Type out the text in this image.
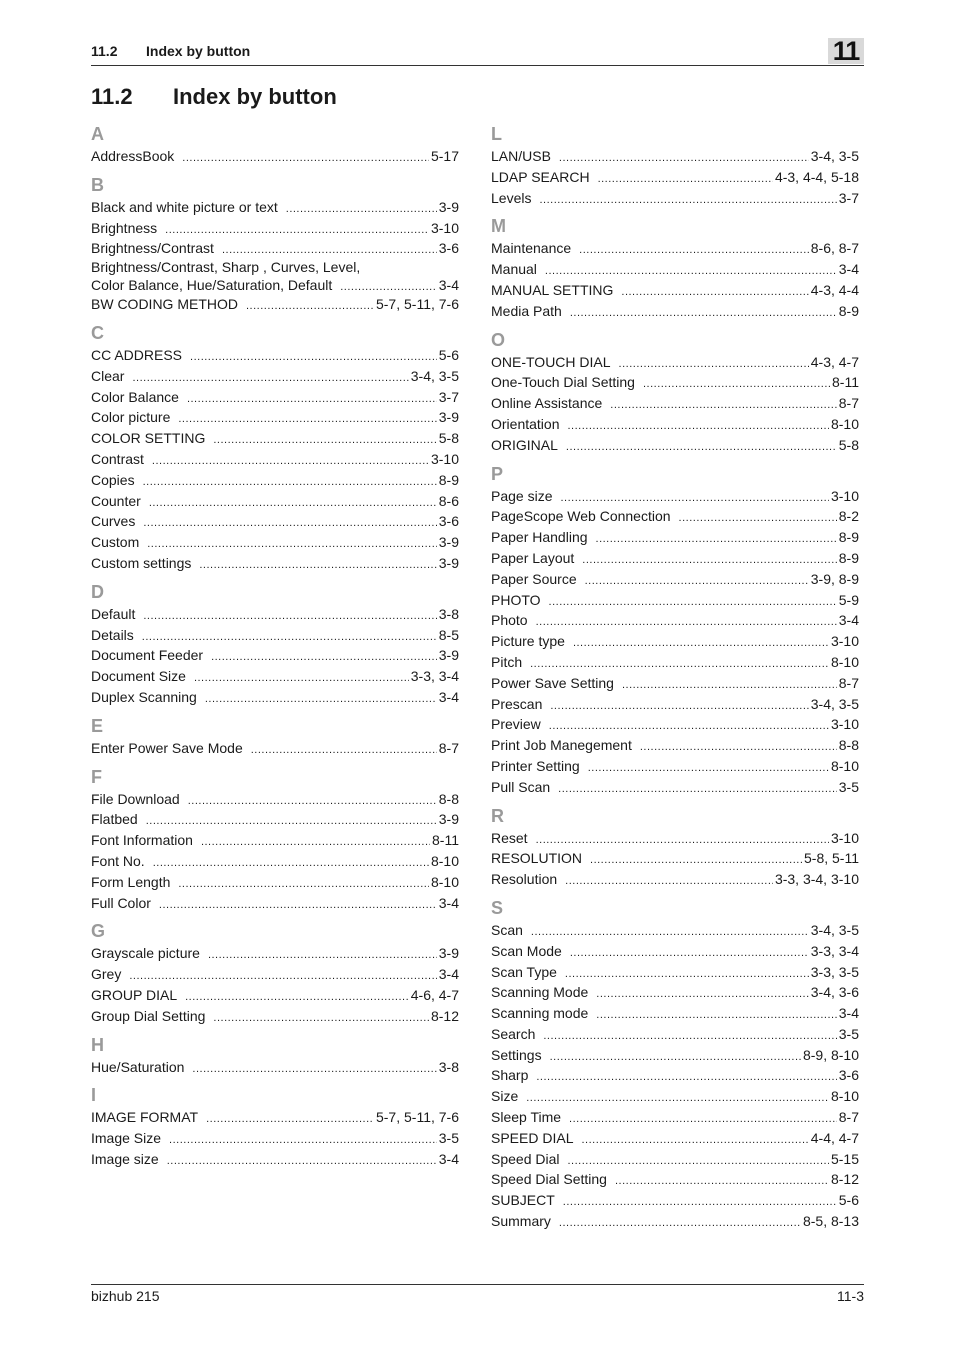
11.2 Index by button	11
11.2 Index by button
A
AddressBook .....	5-17
B
Black and white picture or text .....	3-9
Brightness .....	3-10
Brightness/Contrast .....	3-6
Brightness/Contrast, Sharp , Curves, Level,
Color Balance, Hue/Saturation, Default .....	3-4
BW CODING METHOD .....	5-7, 5-11, 7-6
C
CC ADDRESS .....	5-6
Clear .....	3-4, 3-5
Color Balance .....	3-7
Color picture .....	3-9
COLOR SETTING .....	5-8
Contrast .....	3-10
Copies .....	8-9
Counter .....	8-6
Curves .....	3-6
Custom .....	3-9
Custom settings .....	3-9
D
Default .....	3-8
Details .....	8-5
Document Feeder .....	3-9
Document Size .....	3-3, 3-4
Duplex Scanning .....	3-4
E
Enter Power Save Mode .....	8-7
F
File Download .....	8-8
Flatbed .....	3-9
Font Information .....	8-11
Font No. .....	8-10
Form Length .....	8-10
Full Color .....	3-4
G
Grayscale picture .....	3-9
Grey .....	3-4
GROUP DIAL .....	4-6, 4-7
Group Dial Setting .....	8-12
H
Hue/Saturation .....	3-8
I
IMAGE FORMAT .....	5-7, 5-11, 7-6
Image Size .....	3-5
Image size .....	3-4
L
LAN/USB .....	3-4, 3-5
LDAP SEARCH .....	4-3, 4-4, 5-18
Levels .....	3-7
M
Maintenance .....	8-6, 8-7
Manual .....	3-4
MANUAL SETTING .....	4-3, 4-4
Media Path .....	8-9
O
ONE-TOUCH DIAL .....	4-3, 4-7
One-Touch Dial Setting .....	8-11
Online Assistance .....	8-7
Orientation .....	8-10
ORIGINAL .....	5-8
P
Page size .....	3-10
PageScope Web Connection .....	8-2
Paper Handling .....	8-9
Paper Layout .....	8-9
Paper Source .....	3-9, 8-9
PHOTO .....	5-9
Photo .....	3-4
Picture type .....	3-10
Pitch .....	8-10
Power Save Setting .....	8-7
Prescan .....	3-4, 3-5
Preview .....	3-10
Print Job Manegement .....	8-8
Printer Setting .....	8-10
Pull Scan .....	3-5
R
Reset .....	3-10
RESOLUTION .....	5-8, 5-11
Resolution .....	3-3, 3-4, 3-10
S
Scan .....	3-4, 3-5
Scan Mode .....	3-3, 3-4
Scan Type .....	3-3, 3-5
Scanning Mode .....	3-4, 3-6
Scanning mode .....	3-4
Search .....	3-5
Settings .....	8-9, 8-10
Sharp .....	3-6
Size .....	8-10
Sleep Time .....	8-7
SPEED DIAL .....	4-4, 4-7
Speed Dial .....	5-15
Speed Dial Setting .....	8-12
SUBJECT .....	5-6
Summary .....	8-5, 8-13
bizhub 215	11-3
